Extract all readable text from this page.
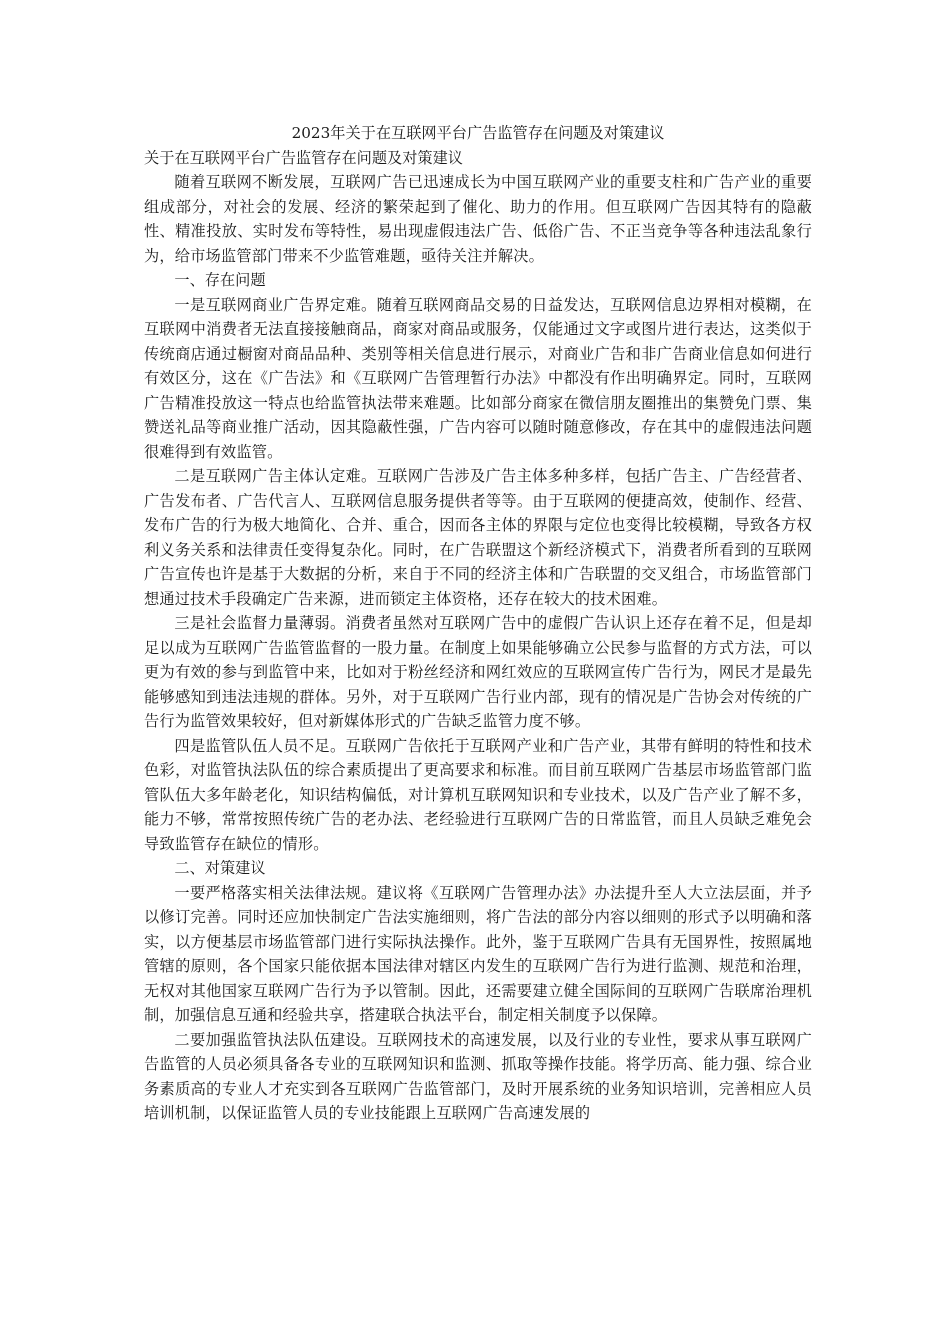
2023年关于在互联网平台广告监管存在问题及对策建议

关于在互联网平台广告监管存在问题及对策建议

随着互联网不断发展，互联网广告已迅速成长为中国互联网产业的重要支柱和广告产业的重要组成部分，对社会的发展、经济的繁荣起到了催化、助力的作用。但互联网广告因其特有的隐蔽性、精准投放、实时发布等特性，易出现虚假违法广告、低俗广告、不正当竞争等各种违法乱象行为，给市场监管部门带来不少监管难题，亟待关注并解决。

一、存在问题

一是互联网商业广告界定难。随着互联网商品交易的日益发达，互联网信息边界相对模糊，在互联网中消费者无法直接接触商品，商家对商品或服务，仅能通过文字或图片进行表达，这类似于传统商店通过橱窗对商品品种、类别等相关信息进行展示，对商业广告和非广告商业信息如何进行有效区分，这在《广告法》和《互联网广告管理暂行办法》中都没有作出明确界定。同时，互联网广告精准投放这一特点也给监管执法带来难题。比如部分商家在微信朋友圈推出的集赞免门票、集赞送礼品等商业推广活动，因其隐蔽性强，广告内容可以随时随意修改，存在其中的虚假违法问题很难得到有效监管。

二是互联网广告主体认定难。互联网广告涉及广告主体多种多样，包括广告主、广告经营者、广告发布者、广告代言人、互联网信息服务提供者等等。由于互联网的便捷高效，使制作、经营、发布广告的行为极大地简化、合并、重合，因而各主体的界限与定位也变得比较模糊，导致各方权利义务关系和法律责任变得复杂化。同时，在广告联盟这个新经济模式下，消费者所看到的互联网广告宣传也许是基于大数据的分析，来自于不同的经济主体和广告联盟的交叉组合，市场监管部门想通过技术手段确定广告来源，进而锁定主体资格，还存在较大的技术困难。

三是社会监督力量薄弱。消费者虽然对互联网广告中的虚假广告认识上还存在着不足，但是却足以成为互联网广告监管监督的一股力量。在制度上如果能够确立公民参与监督的方式方法，可以更为有效的参与到监管中来，比如对于粉丝经济和网红效应的互联网宣传广告行为，网民才是最先能够感知到违法违规的群体。另外，对于互联网广告行业内部，现有的情况是广告协会对传统的广告行为监管效果较好，但对新媒体形式的广告缺乏监管力度不够。

四是监管队伍人员不足。互联网广告依托于互联网产业和广告产业，其带有鲜明的特性和技术色彩，对监管执法队伍的综合素质提出了更高要求和标准。而目前互联网广告基层市场监管部门监管队伍大多年龄老化，知识结构偏低，对计算机互联网知识和专业技术，以及广告产业了解不多，能力不够，常常按照传统广告的老办法、老经验进行互联网广告的日常监管，而且人员缺乏难免会导致监管存在缺位的情形。

二、对策建议

一要严格落实相关法律法规。建议将《互联网广告管理办法》办法提升至人大立法层面，并予以修订完善。同时还应加快制定广告法实施细则，将广告法的部分内容以细则的形式予以明确和落实，以方便基层市场监管部门进行实际执法操作。此外，鉴于互联网广告具有无国界性，按照属地管辖的原则，各个国家只能依据本国法律对辖区内发生的互联网广告行为进行监测、规范和治理，无权对其他国家互联网广告行为予以管制。因此，还需要建立健全国际间的互联网广告联席治理机制，加强信息互通和经验共享，搭建联合执法平台，制定相关制度予以保障。

二要加强监管执法队伍建设。互联网技术的高速发展，以及行业的专业性，要求从事互联网广告监管的人员必须具备各专业的互联网知识和监测、抓取等操作技能。将学历高、能力强、综合业务素质高的专业人才充实到各互联网广告监管部门，及时开展系统的业务知识培训，完善相应人员培训机制，以保证监管人员的专业技能跟上互联网广告高速发展的
